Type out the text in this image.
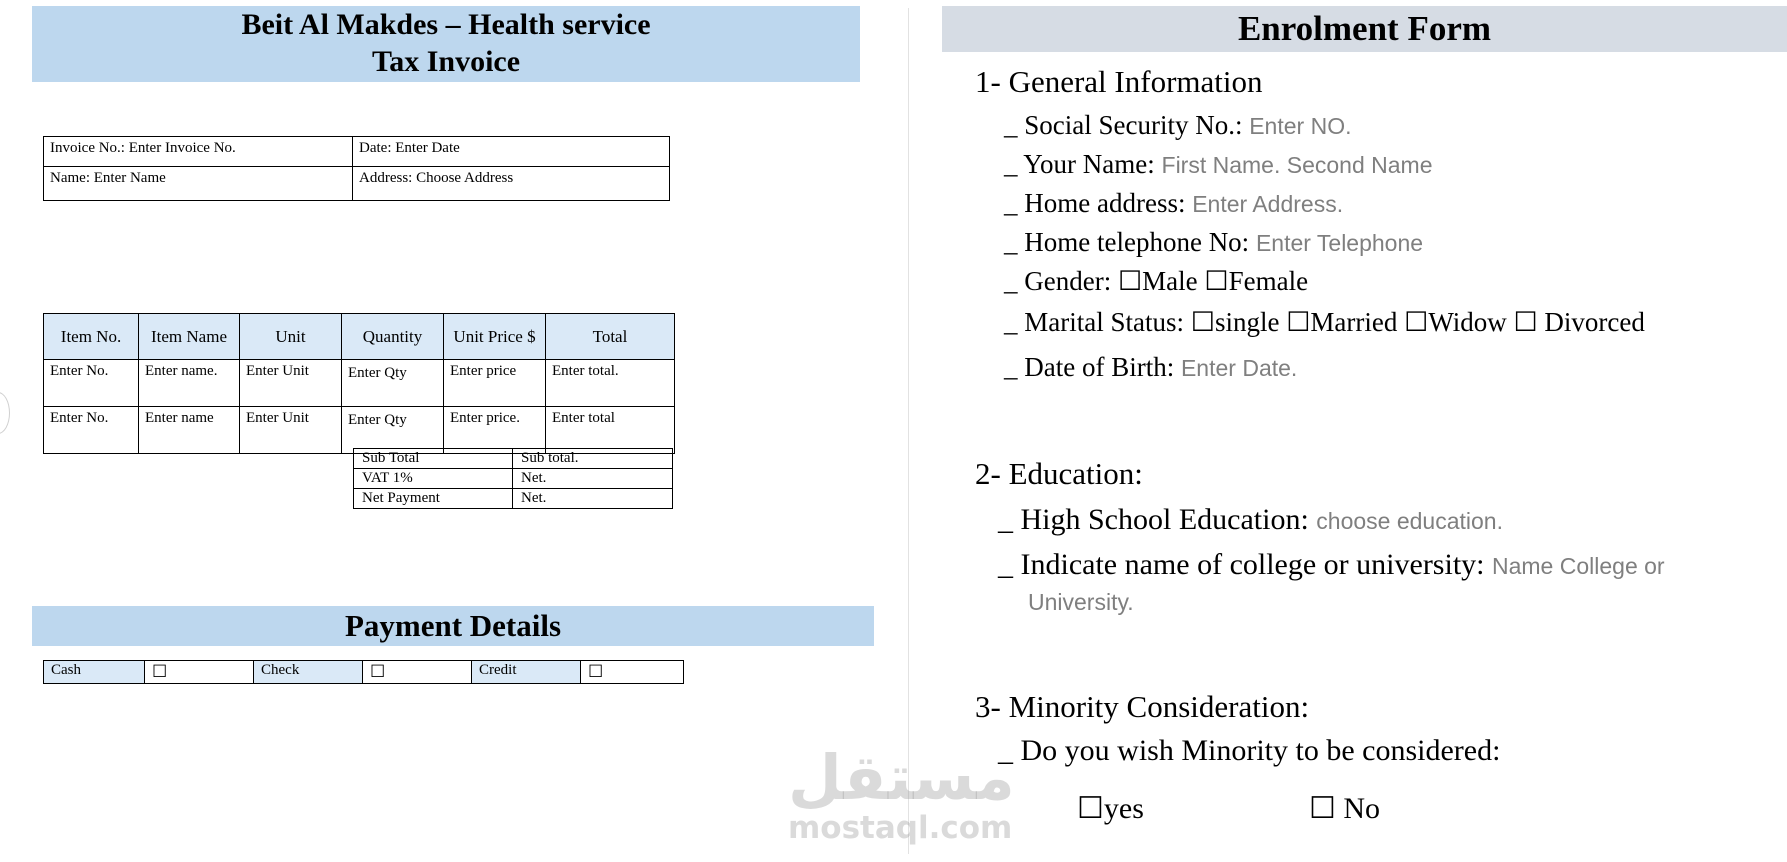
Beit Al Makdes – Health service
Tax Invoice
Invoice No.: Enter Invoice No.	Date: Enter Date
Name: Enter Name	Address: Choose Address
Item No.	Item Name	Unit	Quantity	Unit Price $	Total
Enter No.	Enter name.	Enter Unit	Enter Qty	Enter price	Enter total.
Enter No.	Enter name	Enter Unit	Enter Qty	Enter price.	Enter total
Sub Total	Sub total.
VAT 1%	Net.
Net Payment	Net.
Payment Details
Cash	☐	Check	☐	Credit	☐
Enrolment Form
1- General Information
_ Social Security No.: Enter NO.
_ Your Name: First Name. Second Name
_ Home address: Enter Address.
_ Home telephone No: Enter Telephone
_ Gender: ☐Male ☐Female
_ Marital Status: ☐single ☐Married ☐Widow ☐ Divorced
_ Date of Birth: Enter Date.
2- Education:
_ High School Education: choose education.
_ Indicate name of college or university: Name College or
University.
3- Minority Consideration:
_ Do you wish Minority to be considered:
☐yes	☐ No
مستقل
mostaql.com
